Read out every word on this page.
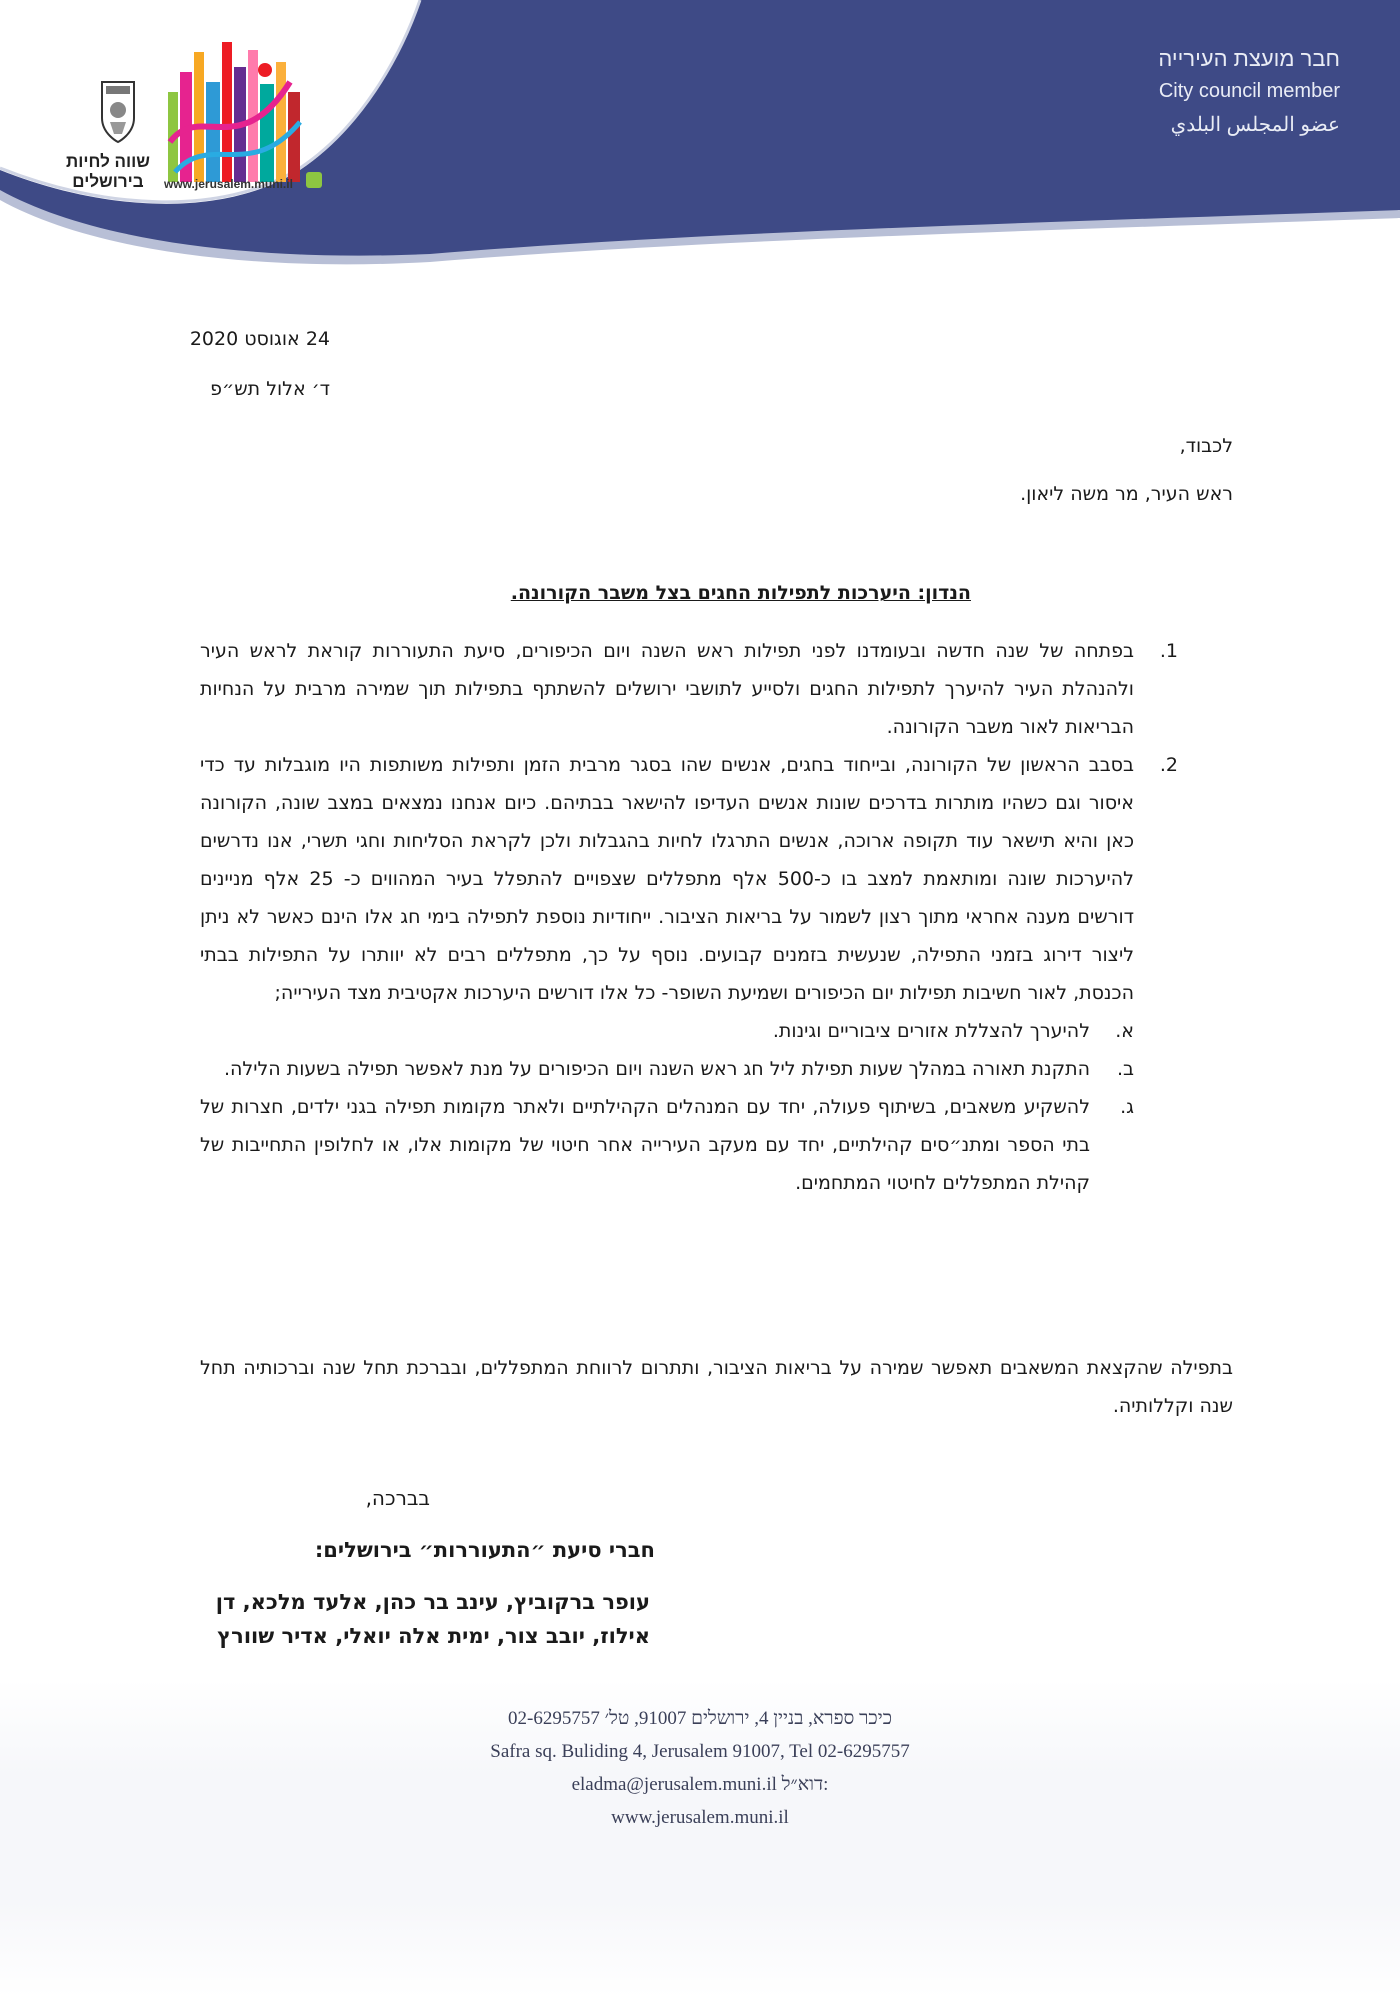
חבר מועצת העירייה
City council member
عضو المجلس البلدي
שווה לחיות
בירושלים	www.jerusalem.muni.il
24 אוגוסט 2020
ד׳ אלול תש״פ
לכבוד,
ראש העיר, מר משה ליאון.
הנדון: היערכות לתפילות החגים בצל משבר הקורונה.
1.
בפתחה של שנה חדשה ובעומדנו לפני תפילות ראש השנה ויום הכיפורים, סיעת התעוררות קוראת לראש העיר ולהנהלת העיר להיערך לתפילות החגים ולסייע לתושבי ירושלים להשתתף בתפילות תוך שמירה מרבית על הנחיות הבריאות לאור משבר הקורונה.
2.
בסבב הראשון של הקורונה, ובייחוד בחגים, אנשים שהו בסגר מרבית הזמן ותפילות משותפות היו מוגבלות עד כדי איסור וגם כשהיו מותרות בדרכים שונות אנשים העדיפו להישאר בבתיהם. כיום אנחנו נמצאים במצב שונה, הקורונה כאן והיא תישאר עוד תקופה ארוכה, אנשים התרגלו לחיות בהגבלות ולכן לקראת הסליחות וחגי תשרי, אנו נדרשים להיערכות שונה ומותאמת למצב בו כ-500 אלף מתפללים שצפויים להתפלל בעיר המהווים כ- 25 אלף מניינים דורשים מענה אחראי מתוך רצון לשמור על בריאות הציבור. ייחודיות נוספת לתפילה בימי חג אלו הינם כאשר לא ניתן ליצור דירוג בזמני התפילה, שנעשית בזמנים קבועים. נוסף על כך, מתפללים רבים לא יוותרו על התפילות בבתי הכנסת, לאור חשיבות תפילות יום הכיפורים ושמיעת השופר- כל אלו דורשים היערכות אקטיבית מצד העירייה;
א.
להיערך להצללת אזורים ציבוריים וגינות.
ב.
התקנת תאורה במהלך שעות תפילת ליל חג ראש השנה ויום הכיפורים על מנת לאפשר תפילה בשעות הלילה.
ג.
להשקיע משאבים, בשיתוף פעולה, יחד עם המנהלים הקהילתיים ולאתר מקומות תפילה בגני ילדים, חצרות של בתי הספר ומתנ״סים קהילתיים, יחד עם מעקב העירייה אחר חיטוי של מקומות אלו, או לחלופין התחייבות של קהילת המתפללים לחיטוי המתחמים.
בתפילה שהקצאת המשאבים תאפשר שמירה על בריאות הציבור, ותתרום לרווחת המתפללים, ובברכת תחל שנה וברכותיה תחל שנה וקללותיה.
בברכה,
חברי סיעת ״התעוררות״ בירושלים:
עופר ברקוביץ, עינב בר כהן, אלעד מלכא, דן
אילוז, יובב צור, ימית אלה יואלי, אדיר שוורץ
כיכר ספרא, בניין 4, ירושלים 91007, טל׳ 02-6295757
Safra sq. Buliding 4, Jerusalem 91007, Tel 02-6295757
eladma@jerusalem.muni.il דוא״ל:
www.jerusalem.muni.il
